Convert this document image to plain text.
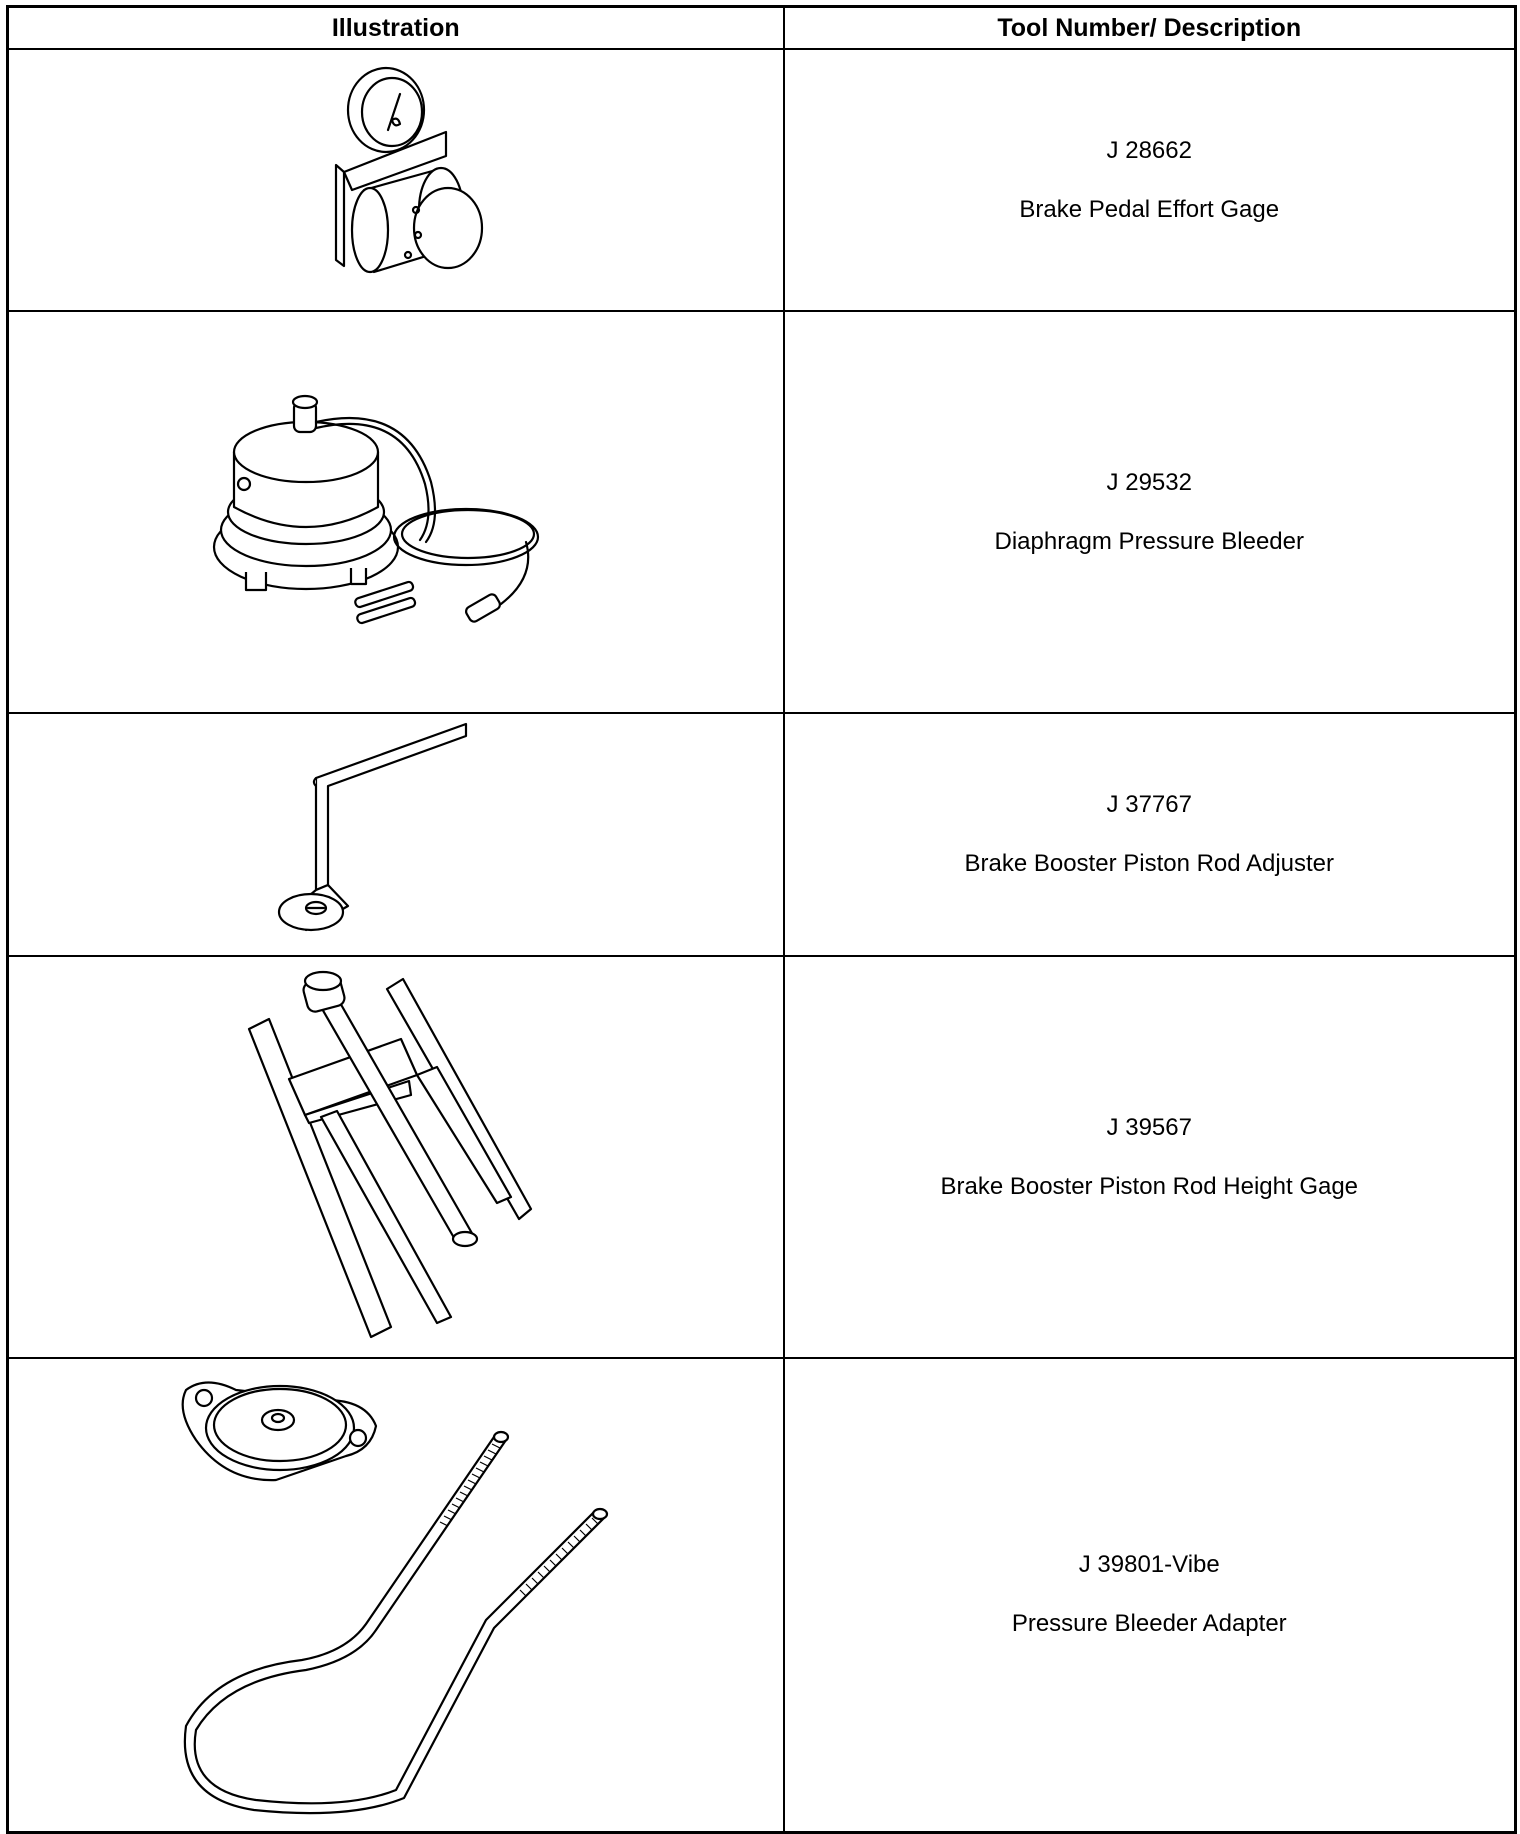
Illustration	Tool Number/ Description

J 28662
Brake Pedal Effort Gage

J 29532
Diaphragm Pressure Bleeder

J 37767
Brake Booster Piston Rod Adjuster

J 39567
Brake Booster Piston Rod Height Gage

J 39801-Vibe
Pressure Bleeder Adapter
